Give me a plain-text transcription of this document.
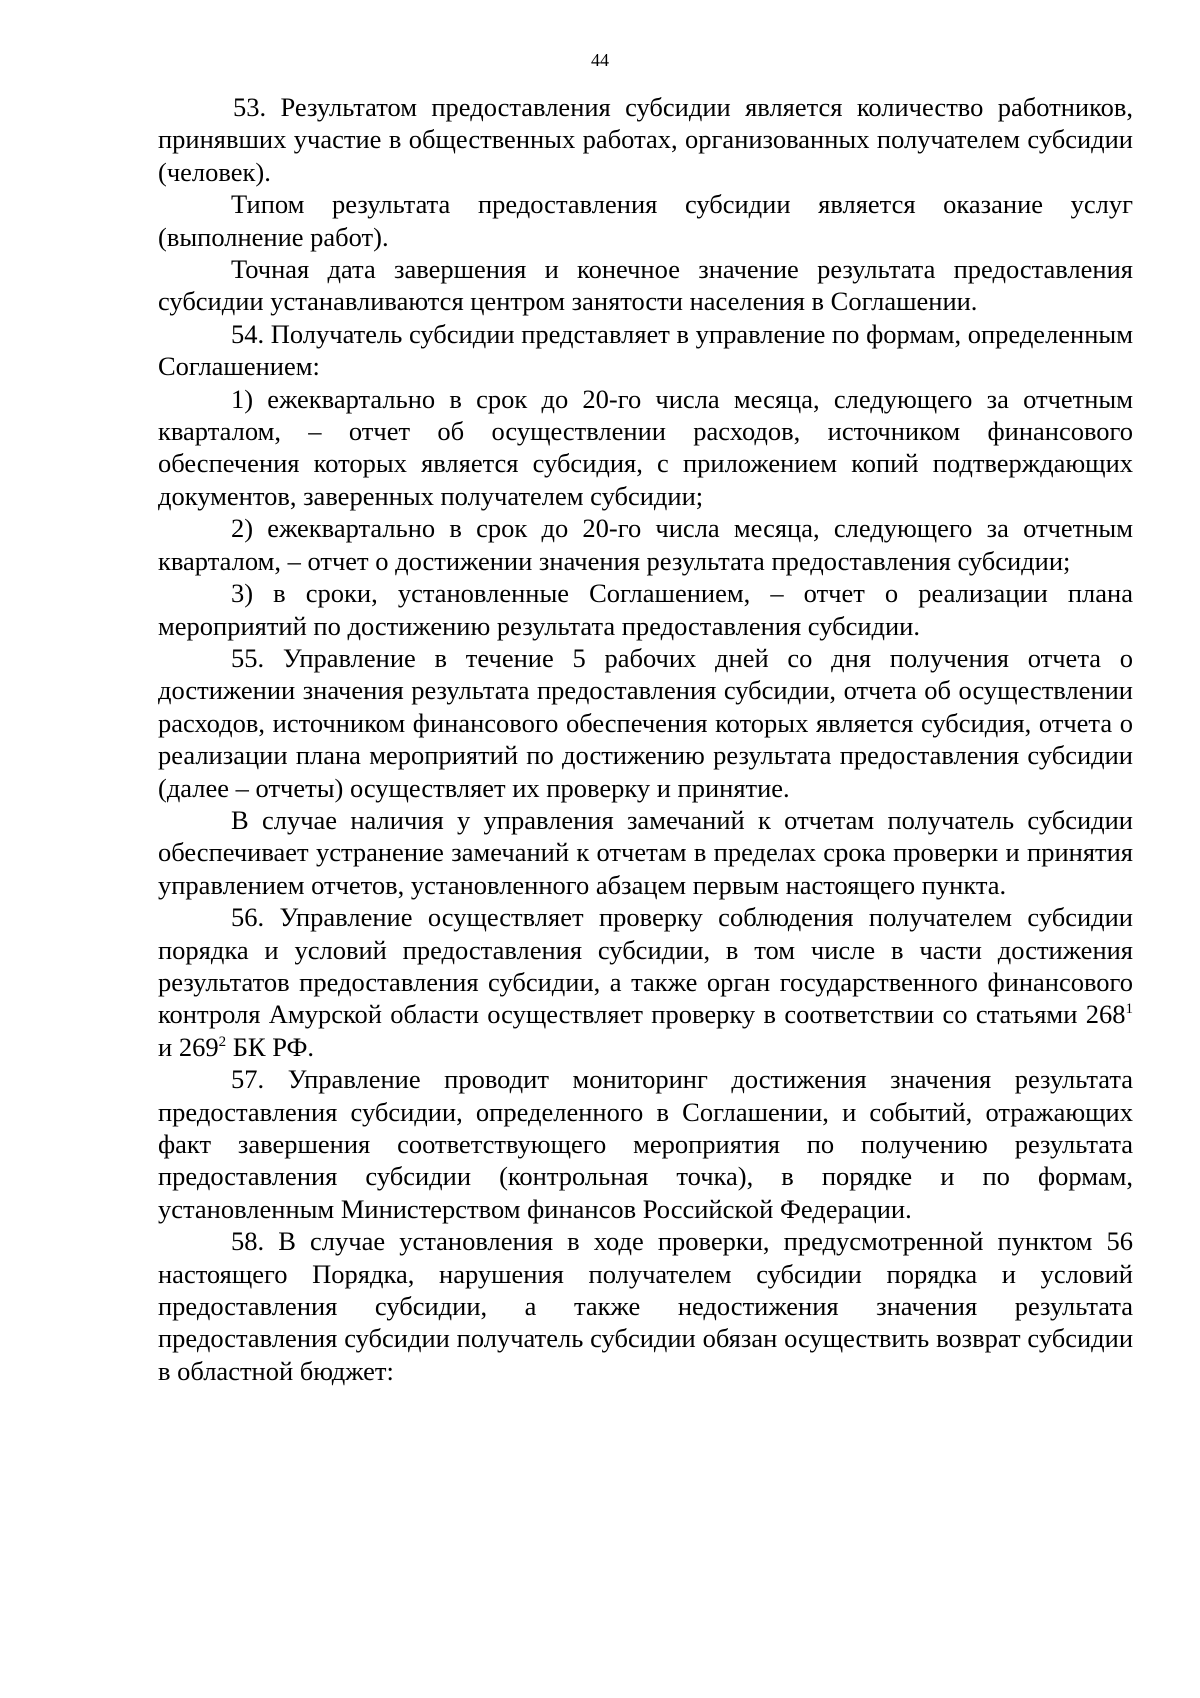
44

53. Результатом предоставления субсидии является количество работников, принявших участие в общественных работах, организованных получателем субсидии (человек).

Типом результата предоставления субсидии является оказание услуг (выполнение работ).

Точная дата завершения и конечное значение результата предоставления субсидии устанавливаются центром занятости населения в Соглашении.

54. Получатель субсидии представляет в управление по формам, определенным Соглашением:

1) ежеквартально в срок до 20-го числа месяца, следующего за отчетным кварталом, – отчет об осуществлении расходов, источником финансового обеспечения которых является субсидия, с приложением копий подтверждающих документов, заверенных получателем субсидии;

2) ежеквартально в срок до 20-го числа месяца, следующего за отчетным кварталом, – отчет о достижении значения результата предоставления субсидии;

3) в сроки, установленные Соглашением, – отчет о реализации плана мероприятий по достижению результата предоставления субсидии.

55. Управление в течение 5 рабочих дней со дня получения отчета о достижении значения результата предоставления субсидии, отчета об осуществлении расходов, источником финансового обеспечения которых является субсидия, отчета о реализации плана мероприятий по достижению результата предоставления субсидии (далее – отчеты) осуществляет их проверку и принятие.

В случае наличия у управления замечаний к отчетам получатель субсидии обеспечивает устранение замечаний к отчетам в пределах срока проверки и принятия управлением отчетов, установленного абзацем первым настоящего пункта.

56. Управление осуществляет проверку соблюдения получателем субсидии порядка и условий предоставления субсидии, в том числе в части достижения результатов предоставления субсидии, а также орган государственного финансового контроля Амурской области осуществляет проверку в соответствии со статьями $268^1$ и $269^2$ БК РФ.

57. Управление проводит мониторинг достижения значения результата предоставления субсидии, определенного в Соглашении, и событий, отражающих факт завершения соответствующего мероприятия по получению результата предоставления субсидии (контрольная точка), в порядке и по формам, установленным Министерством финансов Российской Федерации.

58. В случае установления в ходе проверки, предусмотренной пунктом 56 настоящего Порядка, нарушения получателем субсидии порядка и условий предоставления субсидии, а также недостижения значения результата предоставления субсидии получатель субсидии обязан осуществить возврат субсидии в областной бюджет:
